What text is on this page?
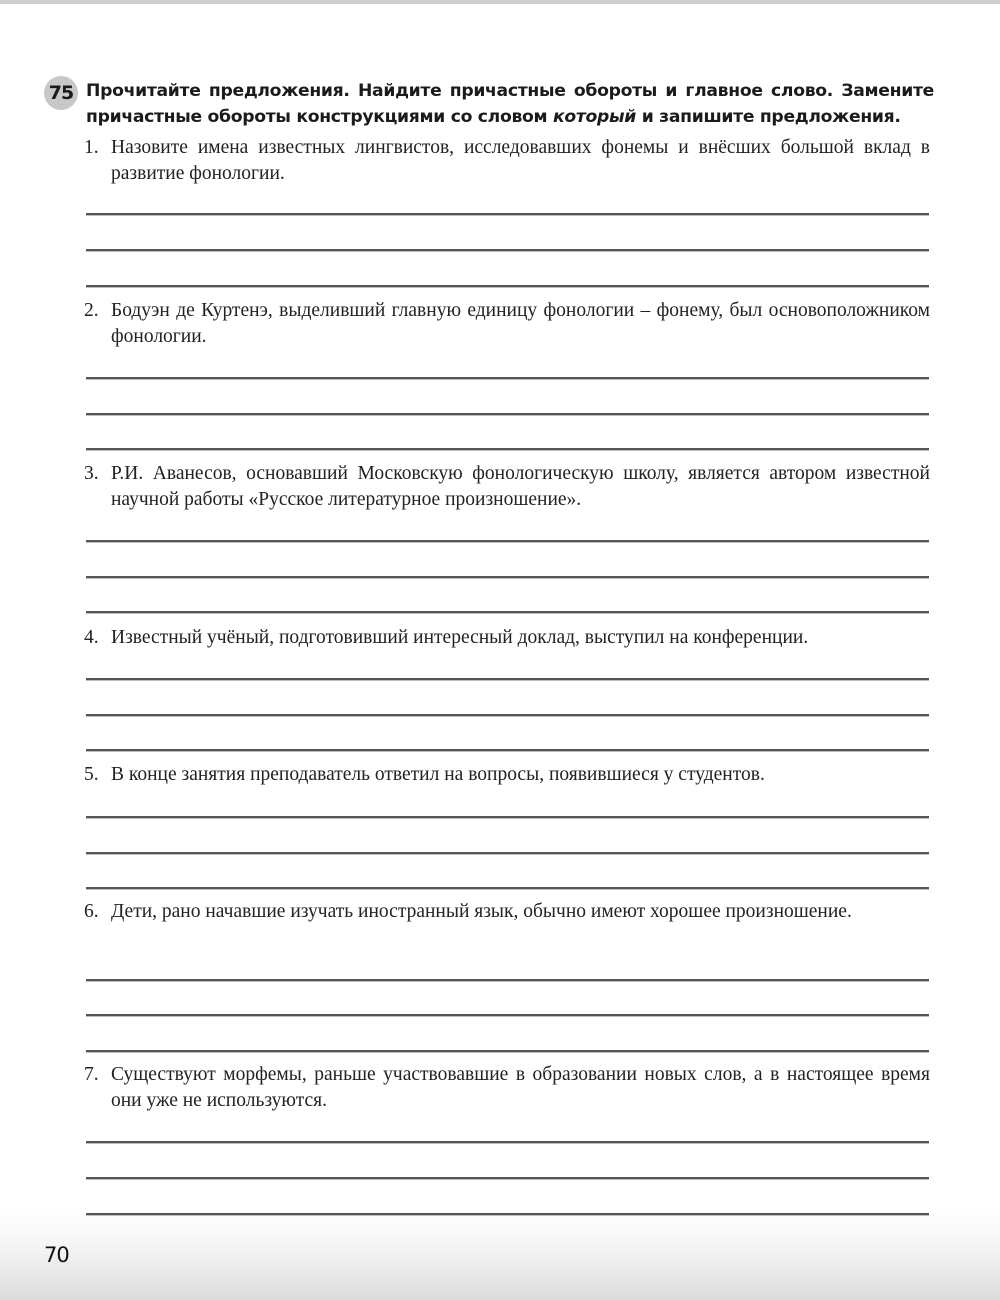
75 Прочитайте предложения. Найдите причастные обороты и главное слово. Замените причастные обороты конструкциями со словом который и запишите предложения.
1. Назовите имена известных лингвистов, исследовавших фонемы и внёсших большой вклад в развитие фонологии.
2. Бодуэн де Куртенэ, выделивший главную единицу фонологии – фонему, был основоположником фонологии.
3. Р.И. Аванесов, основавший Московскую фонологическую школу, является автором известной научной работы «Русское литературное произношение».
4. Известный учёный, подготовивший интересный доклад, выступил на конференции.
5. В конце занятия преподаватель ответил на вопросы, появившиеся у студентов.
6. Дети, рано начавшие изучать иностранный язык, обычно имеют хорошее произношение.
7. Существуют морфемы, раньше участвовавшие в образовании новых слов, а в настоящее время они уже не используются.
70
